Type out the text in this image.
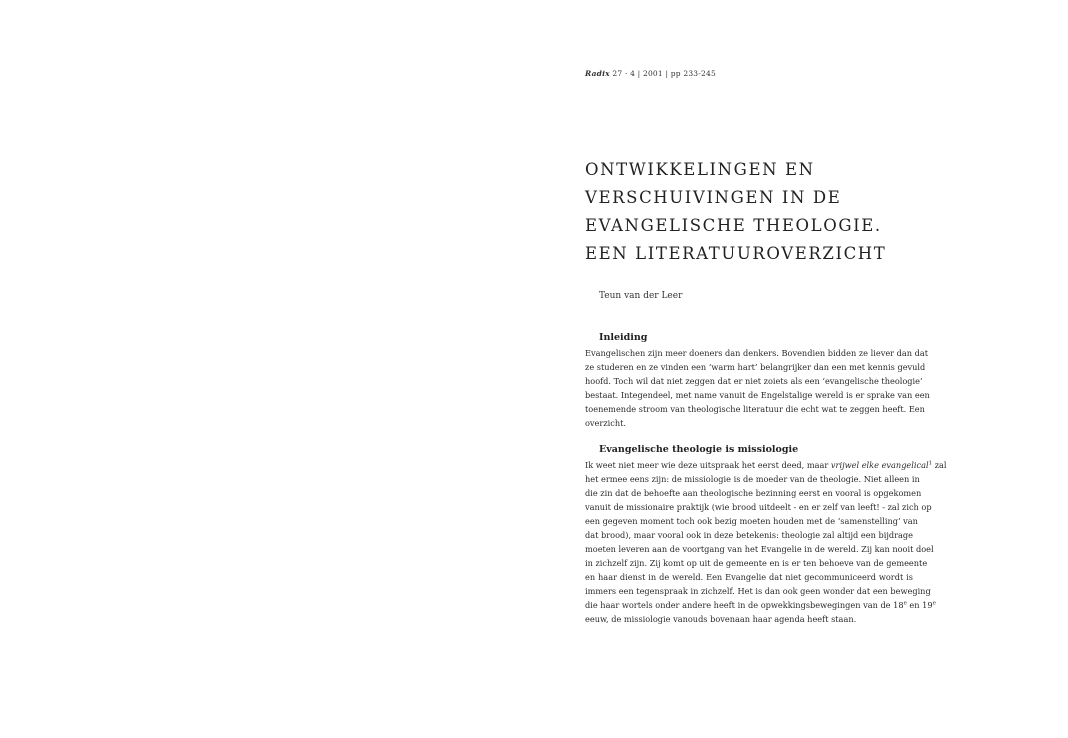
Radix 27 · 4 | 2001 | pp 233-245
ONTWIKKELINGEN EN
VERSCHUIVINGEN IN DE
EVANGELISCHE THEOLOGIE.
EEN LITERATUUROVERZICHT
Teun van der Leer
Inleiding

Evangelischen zijn meer doeners dan denkers. Bovendien bidden ze liever dan dat
ze studeren en ze vinden een ‘warm hart’ belangrijker dan een met kennis gevuld
hoofd. Toch wil dat niet zeggen dat er niet zoiets als een ‘evangelische theologie’
bestaat. Integendeel, met name vanuit de Engelstalige wereld is er sprake van een
toenemende stroom van theologische literatuur die echt wat te zeggen heeft. Een
overzicht.

Evangelische theologie is missiologie

Ik weet niet meer wie deze uitspraak het eerst deed, maar vrijwel elke evangelical$^1$ zal
het ermee eens zijn: de missiologie is de moeder van de theologie. Niet alleen in
die zin dat de behoefte aan theologische bezinning eerst en vooral is opgekomen
vanuit de missionaire praktijk (wie brood uitdeelt - en er zelf van leeft! - zal zich op
een gegeven moment toch ook bezig moeten houden met de ‘samenstelling’ van
dat brood), maar vooral ook in deze betekenis: theologie zal altijd een bijdrage
moeten leveren aan de voortgang van het Evangelie in de wereld. Zij kan nooit doel
in zichzelf zijn. Zij komt op uit de gemeente en is er ten behoeve van de gemeente
en haar dienst in de wereld. Een Evangelie dat niet gecommuniceerd wordt is
immers een tegenspraak in zichzelf. Het is dan ook geen wonder dat een beweging
die haar wortels onder andere heeft in de opwekkingsbewegingen van de 18e en 19e
eeuw, de missiologie vanouds bovenaan haar agenda heeft staan.
